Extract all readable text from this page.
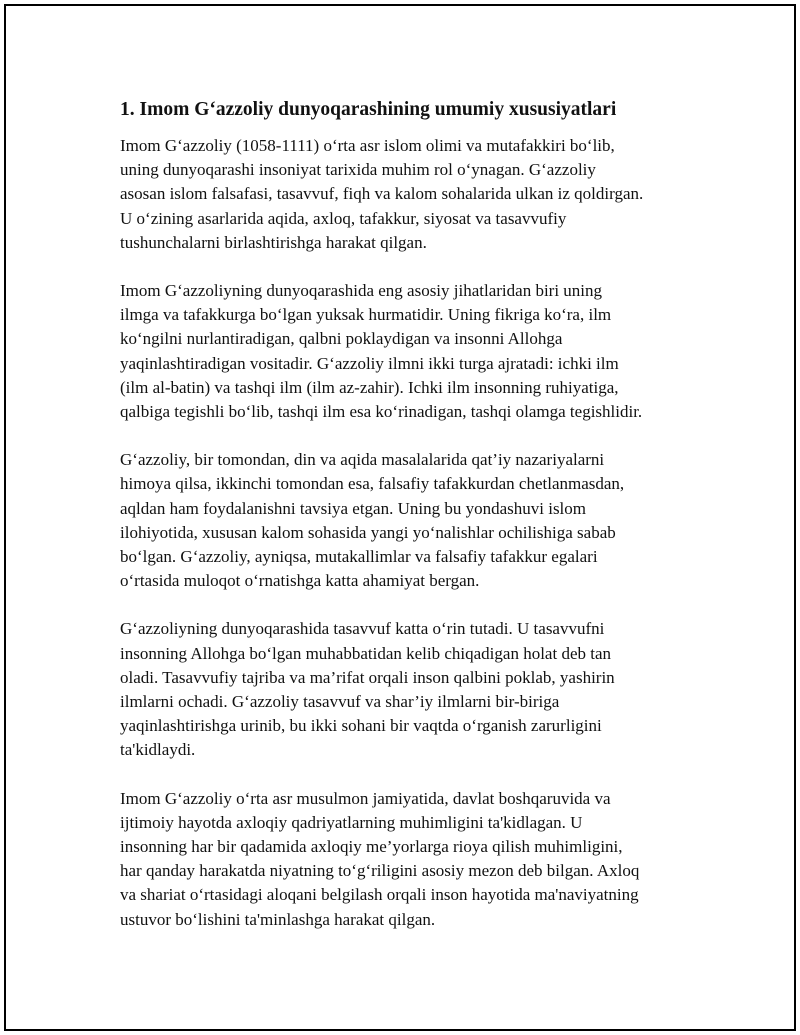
1. Imom G‘azzoliy dunyoqarashining umumiy xususiyatlari

Imom G‘azzoliy (1058-1111) o‘rta asr islom olimi va mutafakkiri bo‘lib,
uning dunyoqarashi insoniyat tarixida muhim rol o‘ynagan. G‘azzoliy
asosan islom falsafasi, tasavvuf, fiqh va kalom sohalarida ulkan iz qoldirgan.
U o‘zining asarlarida aqida, axloq, tafakkur, siyosat va tasavvufiy
tushunchalarni birlashtirishga harakat qilgan.

Imom G‘azzoliyning dunyoqarashida eng asosiy jihatlaridan biri uning
ilmga va tafakkurga bo‘lgan yuksak hurmatidir. Uning fikriga ko‘ra, ilm
ko‘ngilni nurlantiradigan, qalbni poklaydigan va insonni Allohga
yaqinlashtiradigan vositadir. G‘azzoliy ilmni ikki turga ajratadi: ichki ilm
(ilm al-batin) va tashqi ilm (ilm az-zahir). Ichki ilm insonning ruhiyatiga,
qalbiga tegishli bo‘lib, tashqi ilm esa ko‘rinadigan, tashqi olamga tegishlidir.

G‘azzoliy, bir tomondan, din va aqida masalalarida qat’iy nazariyalarni
himoya qilsa, ikkinchi tomondan esa, falsafiy tafakkurdan chetlanmasdan,
aqldan ham foydalanishni tavsiya etgan. Uning bu yondashuvi islom
ilohiyotida, xususan kalom sohasida yangi yo‘nalishlar ochilishiga sabab
bo‘lgan. G‘azzoliy, ayniqsa, mutakallimlar va falsafiy tafakkur egalari
o‘rtasida muloqot o‘rnatishga katta ahamiyat bergan.

G‘azzoliyning dunyoqarashida tasavvuf katta o‘rin tutadi. U tasavvufni
insonning Allohga bo‘lgan muhabbatidan kelib chiqadigan holat deb tan
oladi. Tasavvufiy tajriba va ma’rifat orqali inson qalbini poklab, yashirin
ilmlarni ochadi. G‘azzoliy tasavvuf va shar’iy ilmlarni bir-biriga
yaqinlashtirishga urinib, bu ikki sohani bir vaqtda o‘rganish zarurligini
ta'kidlaydi.

Imom G‘azzoliy o‘rta asr musulmon jamiyatida, davlat boshqaruvida va
ijtimoiy hayotda axloqiy qadriyatlarning muhimligini ta'kidlagan. U
insonning har bir qadamida axloqiy me’yorlarga rioya qilish muhimligini,
har qanday harakatda niyatning to‘g‘riligini asosiy mezon deb bilgan. Axloq
va shariat o‘rtasidagi aloqani belgilash orqali inson hayotida ma'naviyatning
ustuvor bo‘lishini ta'minlashga harakat qilgan.
